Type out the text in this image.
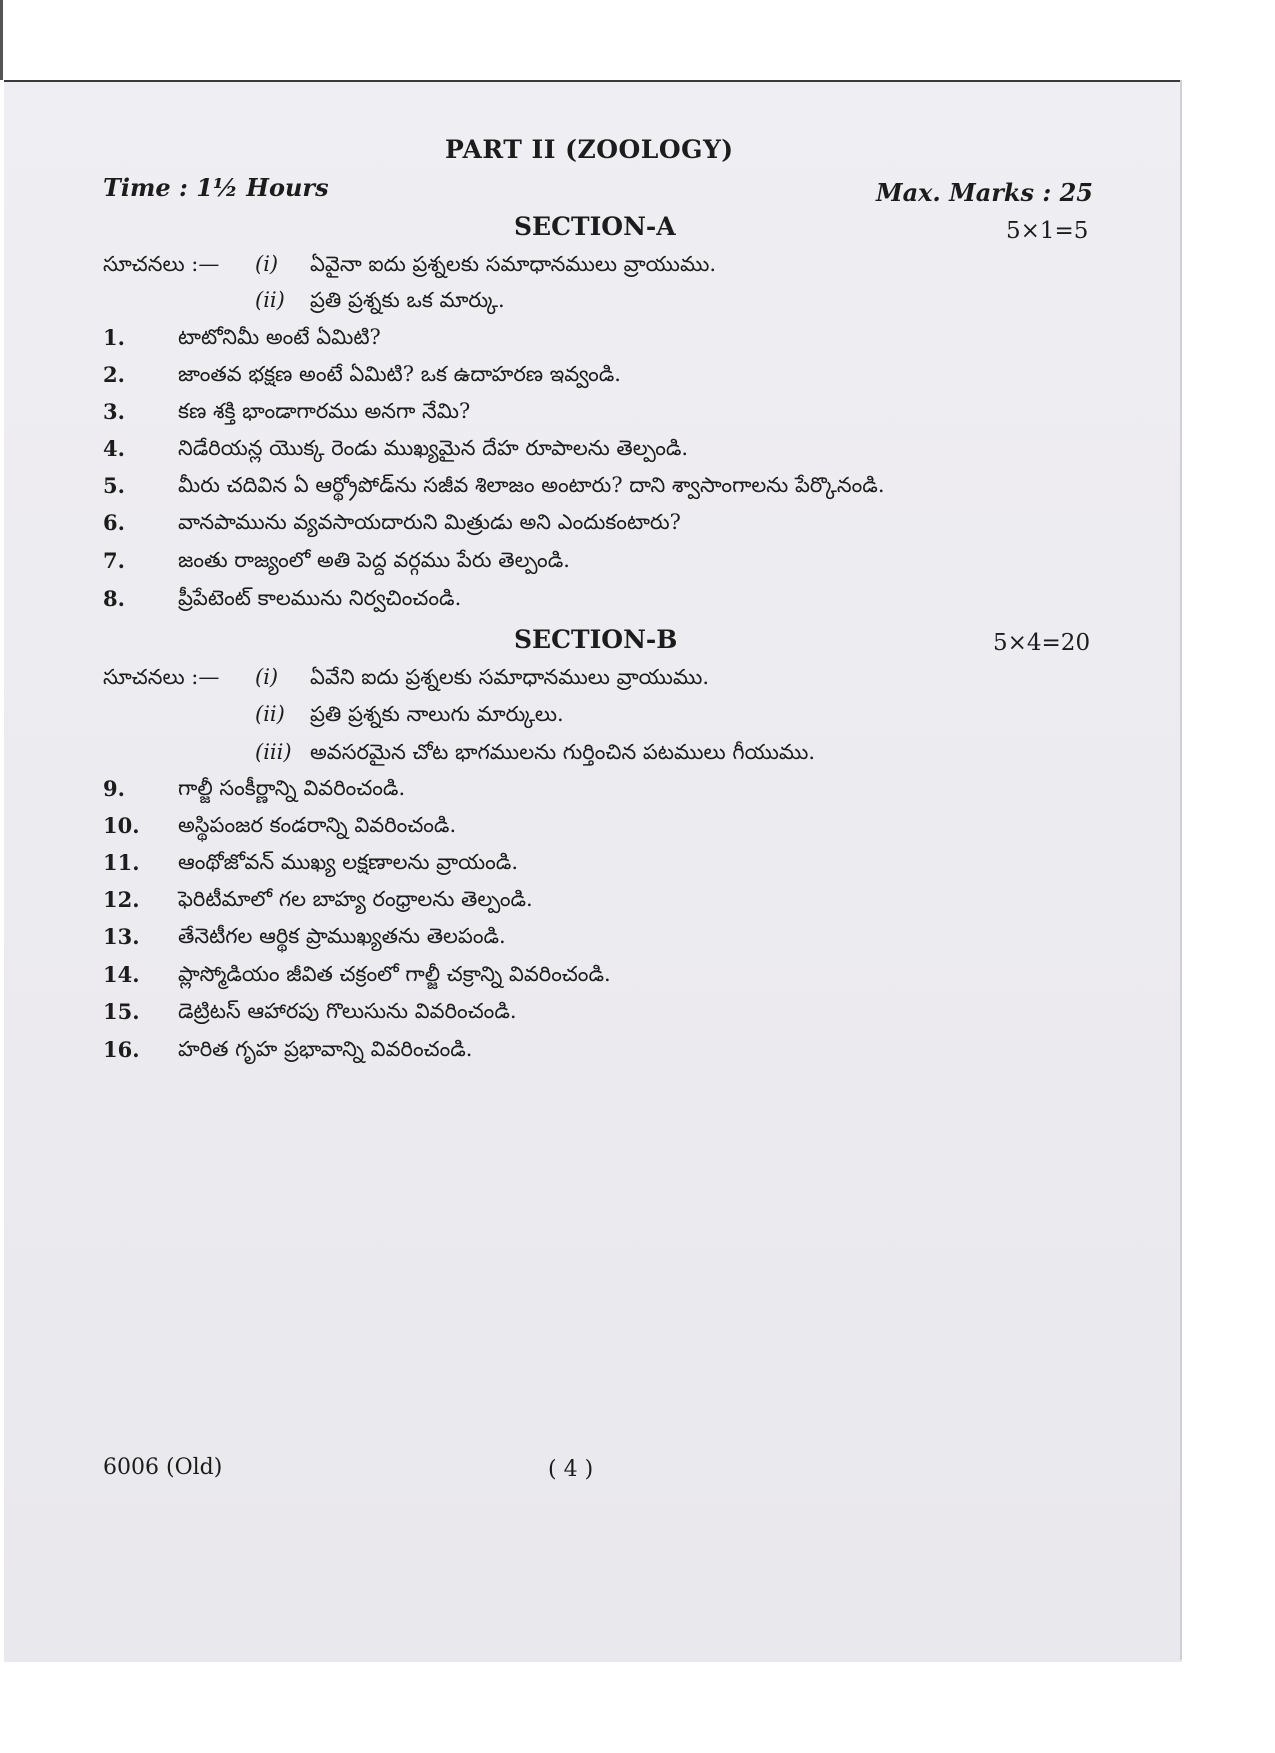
PART II (ZOOLOGY)
Time : 1½ Hours	Max. Marks : 25
SECTION-A	5×1=5
సూచనలు :— (i) ఏవైనా ఐదు ప్రశ్నలకు సమాధానములు వ్రాయుము.
(ii) ప్రతి ప్రశ్నకు ఒక మార్కు.
1.	టాటోనిమీ అంటే ఏమిటి?
2.	జాంతవ భక్షణ అంటే ఏమిటి? ఒక ఉదాహరణ ఇవ్వండి.
3.	కణ శక్తి భాండాగారము అనగా నేమి?
4.	నిడేరియన్ల యొక్క రెండు ముఖ్యమైన దేహ రూపాలను తెల్పండి.
5.	మీరు చదివిన ఏ ఆర్థ్రోపోడ్‌ను సజీవ శిలాజం అంటారు? దాని శ్వాసాంగాలను పేర్కొనండి.
6.	వానపామును వ్యవసాయదారుని మిత్రుడు అని ఎందుకంటారు?
7.	జంతు రాజ్యంలో అతి పెద్ద వర్గము పేరు తెల్పండి.
8.	ప్రీపేటెంట్ కాలమును నిర్వచించండి.
SECTION-B	5×4=20
సూచనలు :— (i) ఏవేని ఐదు ప్రశ్నలకు సమాధానములు వ్రాయుము.
(ii) ప్రతి ప్రశ్నకు నాలుగు మార్కులు.
(iii) అవసరమైన చోట భాగములను గుర్తించిన పటములు గీయుము.
9.	గాల్జీ సంకీర్ణాన్ని వివరించండి.
10. అస్థిపంజర కండరాన్ని వివరించండి.
11. ఆంథోజోవన్ ముఖ్య లక్షణాలను వ్రాయండి.
12. ఫెరిటీమాలో గల బాహ్య రంధ్రాలను తెల్పండి.
13. తేనెటీగల ఆర్థిక ప్రాముఖ్యతను తెలపండి.
14. ప్లాస్మోడియం జీవిత చక్రంలో గాల్జీ చక్రాన్ని వివరించండి.
15. డెట్రిటస్ ఆహారపు గొలుసును వివరించండి.
16. హరిత గృహ ప్రభావాన్ని వివరించండి.
6006 (Old)	( 4 )
